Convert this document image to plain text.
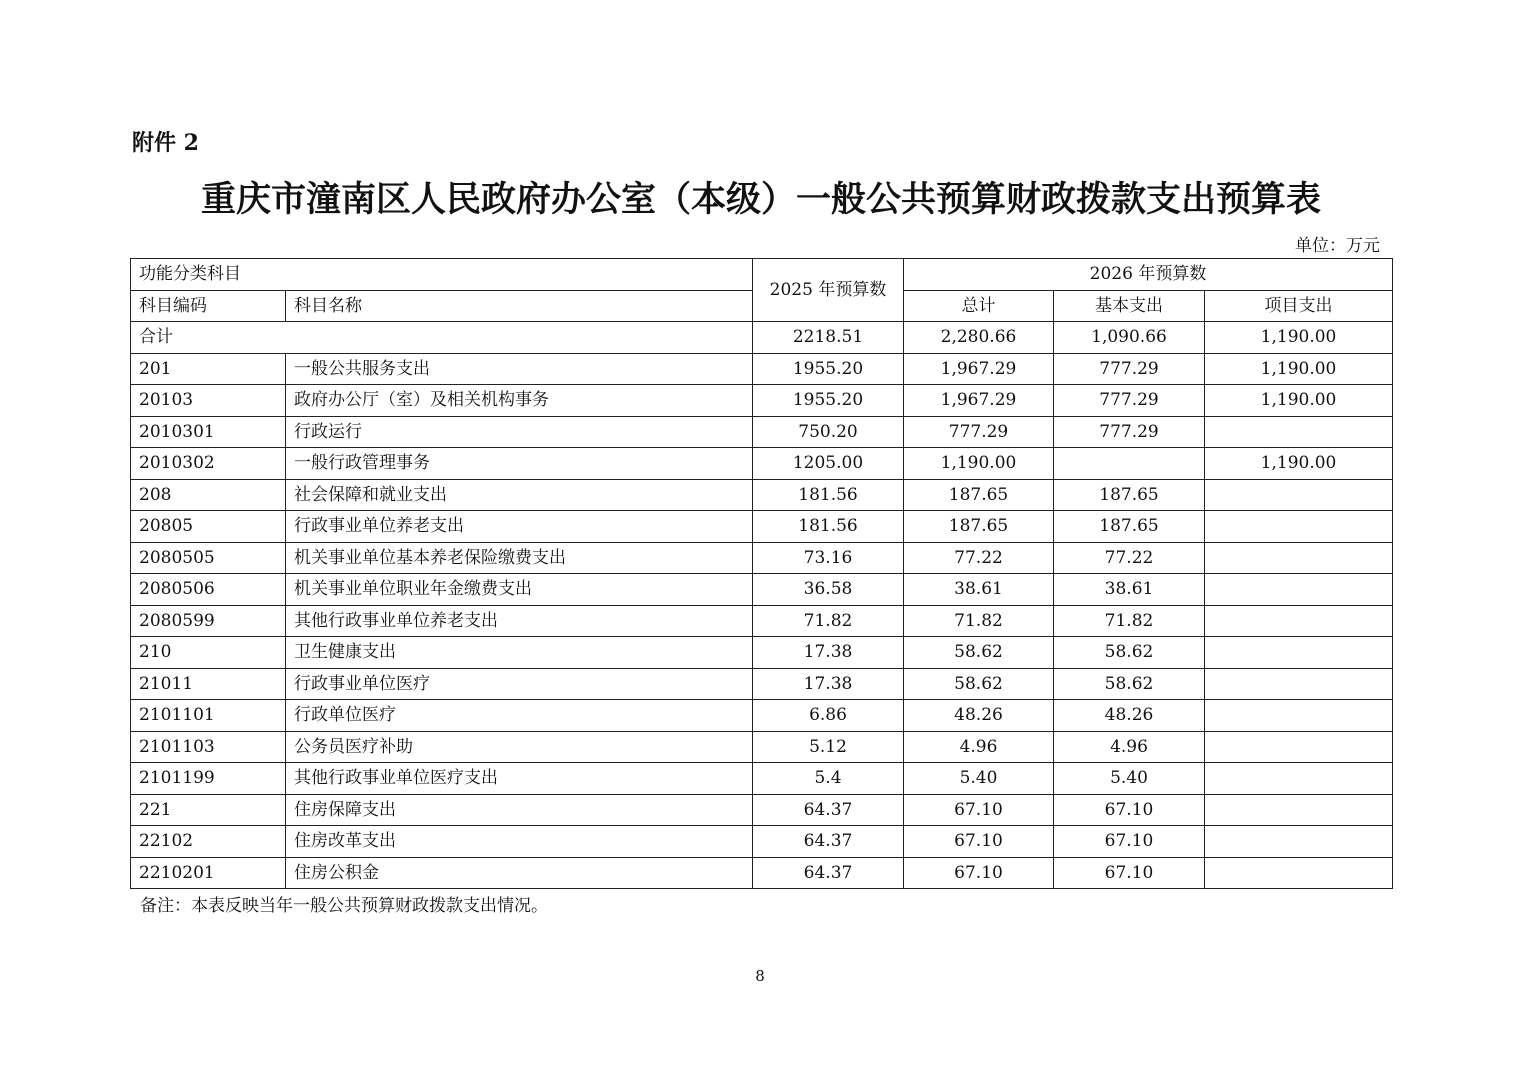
附件 2
重庆市潼南区人民政府办公室（本级）一般公共预算财政拨款支出预算表
单位：万元
功能分类科目		2025 年预算数	2026 年预算数		
科目编码	科目名称		总计	基本支出	项目支出
合计		2218.51	2,280.66	1,090.66	1,190.00
201	一般公共服务支出	1955.20	1,967.29	777.29	1,190.00
20103	政府办公厅（室）及相关机构事务	1955.20	1,967.29	777.29	1,190.00
2010301	行政运行	750.20	777.29	777.29	
2010302	一般行政管理事务	1205.00	1,190.00		1,190.00
208	社会保障和就业支出	181.56	187.65	187.65	
20805	行政事业单位养老支出	181.56	187.65	187.65	
2080505	机关事业单位基本养老保险缴费支出	73.16	77.22	77.22	
2080506	机关事业单位职业年金缴费支出	36.58	38.61	38.61	
2080599	其他行政事业单位养老支出	71.82	71.82	71.82	
210	卫生健康支出	17.38	58.62	58.62	
21011	行政事业单位医疗	17.38	58.62	58.62	
2101101	行政单位医疗	6.86	48.26	48.26	
2101103	公务员医疗补助	5.12	4.96	4.96	
2101199	其他行政事业单位医疗支出	5.4	5.40	5.40	
221	住房保障支出	64.37	67.10	67.10	
22102	住房改革支出	64.37	67.10	67.10	
2210201	住房公积金	64.37	67.10	67.10	
备注：本表反映当年一般公共预算财政拨款支出情况。
8
